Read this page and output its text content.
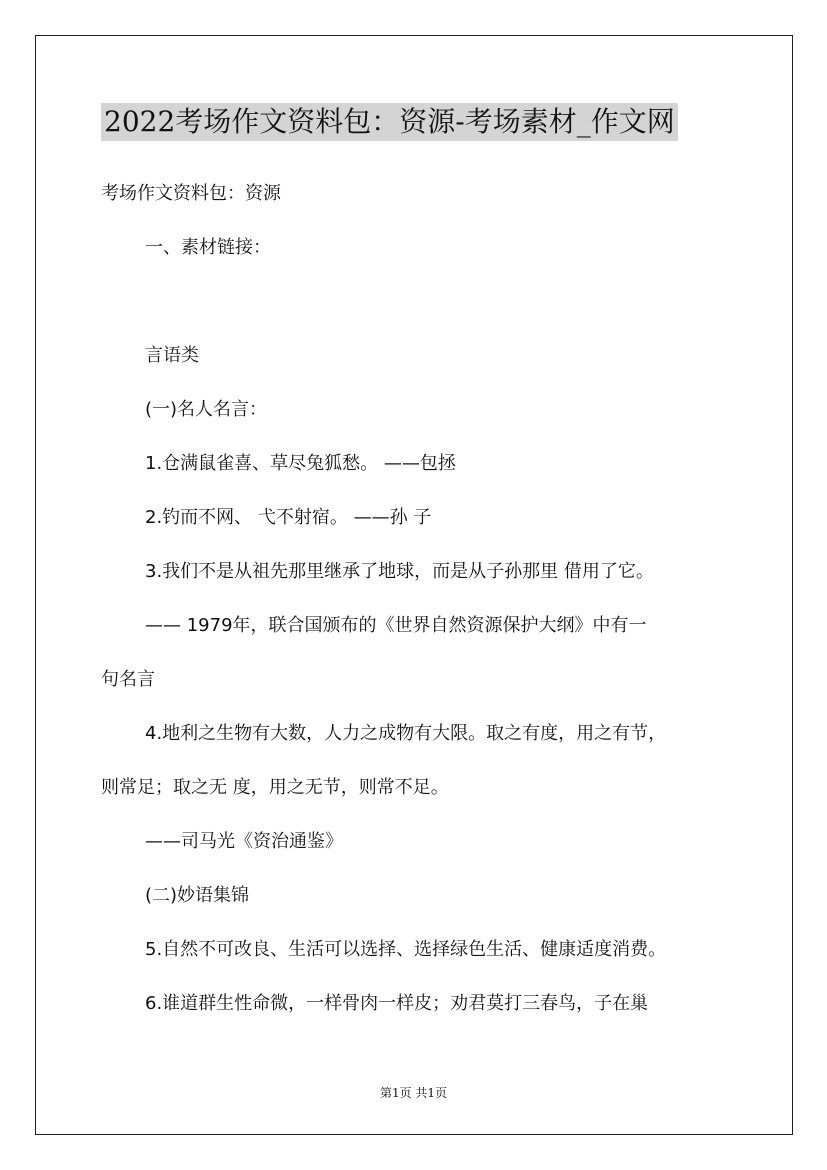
2022考场作文资料包：资源-考场素材_作文网
考场作文资料包：资源
一、素材链接：
言语类
(一)名人名言：
1.仓满鼠雀喜、草尽兔狐愁。 ——包拯
2.钓而不网、 弋不射宿。 ——孙 子
3.我们不是从祖先那里继承了地球，而是从子孙那里 借用了它。
—— 1979年，联合国颁布的《世界自然资源保护大纲》中有一
句名言
4.地利之生物有大数，人力之成物有大限。取之有度，用之有节，
则常足；取之无 度，用之无节，则常不足。
——司马光《资治通鉴》
(二)妙语集锦
5.自然不可改良、生活可以选择、选择绿色生活、健康适度消费。
6.谁道群生性命微，一样骨肉一样皮；劝君莫打三春鸟，子在巢
第1页 共1页
